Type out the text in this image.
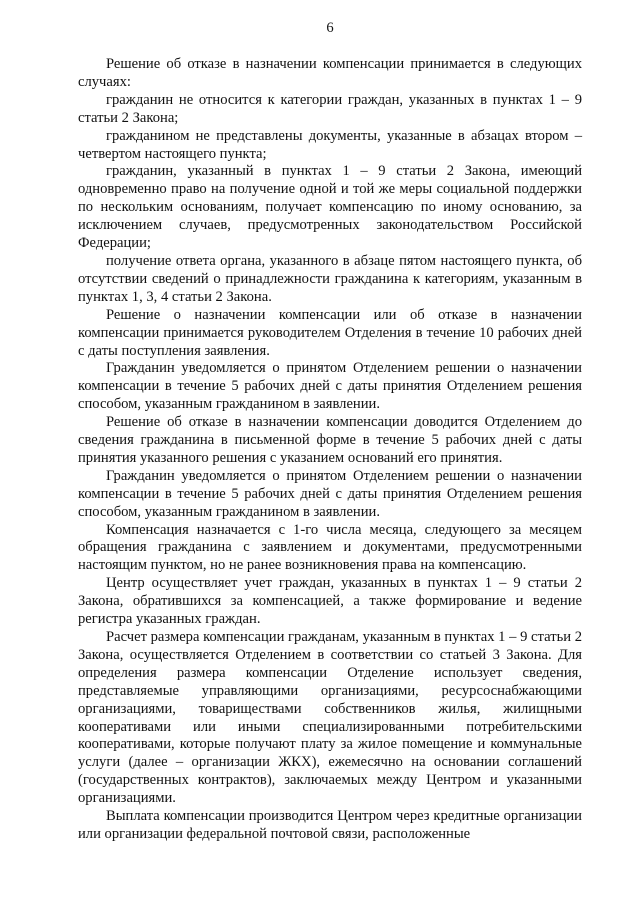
6

Решение об отказе в назначении компенсации принимается в следующих случаях:

гражданин не относится к категории граждан, указанных в пунктах 1 – 9 статьи 2 Закона;

гражданином не представлены документы, указанные в абзацах втором – четвертом настоящего пункта;

гражданин, указанный в пунктах 1 – 9 статьи 2 Закона, имеющий одновременно право на получение одной и той же меры социальной поддержки по нескольким основаниям, получает компенсацию по иному основанию, за исключением случаев, предусмотренных законодательством Российской Федерации;

получение ответа органа, указанного в абзаце пятом настоящего пункта, об отсутствии сведений о принадлежности гражданина к категориям, указанным в пунктах 1, 3, 4 статьи 2 Закона.

Решение о назначении компенсации или об отказе в назначении компенсации принимается руководителем Отделения в течение 10 рабочих дней с даты поступления заявления.

Гражданин уведомляется о принятом Отделением решении о назначении компенсации в течение 5 рабочих дней с даты принятия Отделением решения способом, указанным гражданином в заявлении.

Решение об отказе в назначении компенсации доводится Отделением до сведения гражданина в письменной форме в течение 5 рабочих дней с даты принятия указанного решения с указанием оснований его принятия.

Гражданин уведомляется о принятом Отделением решении о назначении компенсации в течение 5 рабочих дней с даты принятия Отделением решения способом, указанным гражданином в заявлении.

Компенсация назначается с 1-го числа месяца, следующего за месяцем обращения гражданина с заявлением и документами, предусмотренными настоящим пунктом, но не ранее возникновения права на компенсацию.

Центр осуществляет учет граждан, указанных в пунктах 1 – 9 статьи 2 Закона, обратившихся за компенсацией, а также формирование и ведение регистра указанных граждан.

Расчет размера компенсации гражданам, указанным в пунктах 1 – 9 статьи 2 Закона, осуществляется Отделением в соответствии со статьей 3 Закона. Для определения размера компенсации Отделение использует сведения, представляемые управляющими организациями, ресурсоснабжающими организациями, товариществами собственников жилья, жилищными кооперативами или иными специализированными потребительскими кооперативами, которые получают плату за жилое помещение и коммунальные услуги (далее – организации ЖКХ), ежемесячно на основании соглашений (государственных контрактов), заключаемых между Центром и указанными организациями.

Выплата компенсации производится Центром через кредитные организации или организации федеральной почтовой связи, расположенные
